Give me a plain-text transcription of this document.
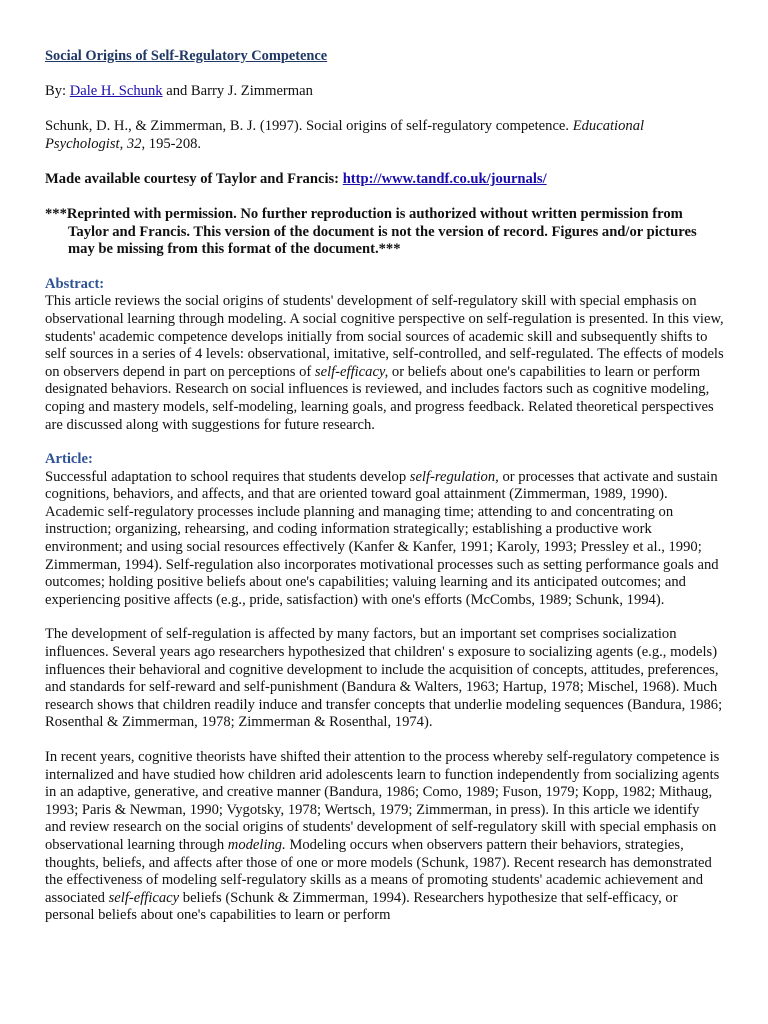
Social Origins of Self-Regulatory Competence

By: Dale H. Schunk and Barry J. Zimmerman

Schunk, D. H., & Zimmerman, B. J. (1997). Social origins of self-regulatory competence. Educational Psychologist, 32, 195-208.

Made available courtesy of Taylor and Francis: http://www.tandf.co.uk/journals/

***Reprinted with permission. No further reproduction is authorized without written permission from Taylor and Francis. This version of the document is not the version of record. Figures and/or pictures may be missing from this format of the document.***

Abstract:

This article reviews the social origins of students' development of self-regulatory skill with special emphasis on observational learning through modeling. A social cognitive perspective on self-regulation is presented. In this view, students' academic competence develops initially from social sources of academic skill and subsequently shifts to self sources in a series of 4 levels: observational, imitative, self-controlled, and self-regulated. The effects of models on observers depend in part on perceptions of self-efficacy, or beliefs about one's capabilities to learn or perform designated behaviors. Research on social influences is reviewed, and includes factors such as cognitive modeling, coping and mastery models, self-modeling, learning goals, and progress feedback. Related theoretical perspectives are discussed along with suggestions for future research.

Article:

Successful adaptation to school requires that students develop self-regulation, or processes that activate and sustain cognitions, behaviors, and affects, and that are oriented toward goal attainment (Zimmerman, 1989, 1990). Academic self-regulatory processes include planning and managing time; attending to and concentrating on instruction; organizing, rehearsing, and coding information strategically; establishing a productive work environment; and using social resources effectively (Kanfer & Kanfer, 1991; Karoly, 1993; Pressley et al., 1990; Zimmerman, 1994). Self-regulation also incorporates motivational processes such as setting performance goals and outcomes; holding positive beliefs about one's capabilities; valuing learning and its anticipated outcomes; and experiencing positive affects (e.g., pride, satisfaction) with one's efforts (McCombs, 1989; Schunk, 1994).

The development of self-regulation is affected by many factors, but an important set comprises socialization influences. Several years ago researchers hypothesized that children' s exposure to socializing agents (e.g., models) influences their behavioral and cognitive development to include the acquisition of concepts, attitudes, preferences, and standards for self-reward and self-punishment (Bandura & Walters, 1963; Hartup, 1978; Mischel, 1968). Much research shows that children readily induce and transfer concepts that underlie modeling sequences (Bandura, 1986; Rosenthal & Zimmerman, 1978; Zimmerman & Rosenthal, 1974).

In recent years, cognitive theorists have shifted their attention to the process whereby self-regulatory competence is internalized and have studied how children arid adolescents learn to function independently from socializing agents in an adaptive, generative, and creative manner (Bandura, 1986; Como, 1989; Fuson, 1979; Kopp, 1982; Mithaug, 1993; Paris & Newman, 1990; Vygotsky, 1978; Wertsch, 1979; Zimmerman, in press). In this article we identify and review research on the social origins of students' development of self-regulatory skill with special emphasis on observational learning through modeling. Modeling occurs when observers pattern their behaviors, strategies, thoughts, beliefs, and affects after those of one or more models (Schunk, 1987). Recent research has demonstrated the effectiveness of modeling self-regulatory skills as a means of promoting students' academic achievement and associated self-efficacy beliefs (Schunk & Zimmerman, 1994). Researchers hypothesize that self-efficacy, or personal beliefs about one's capabilities to learn or perform
